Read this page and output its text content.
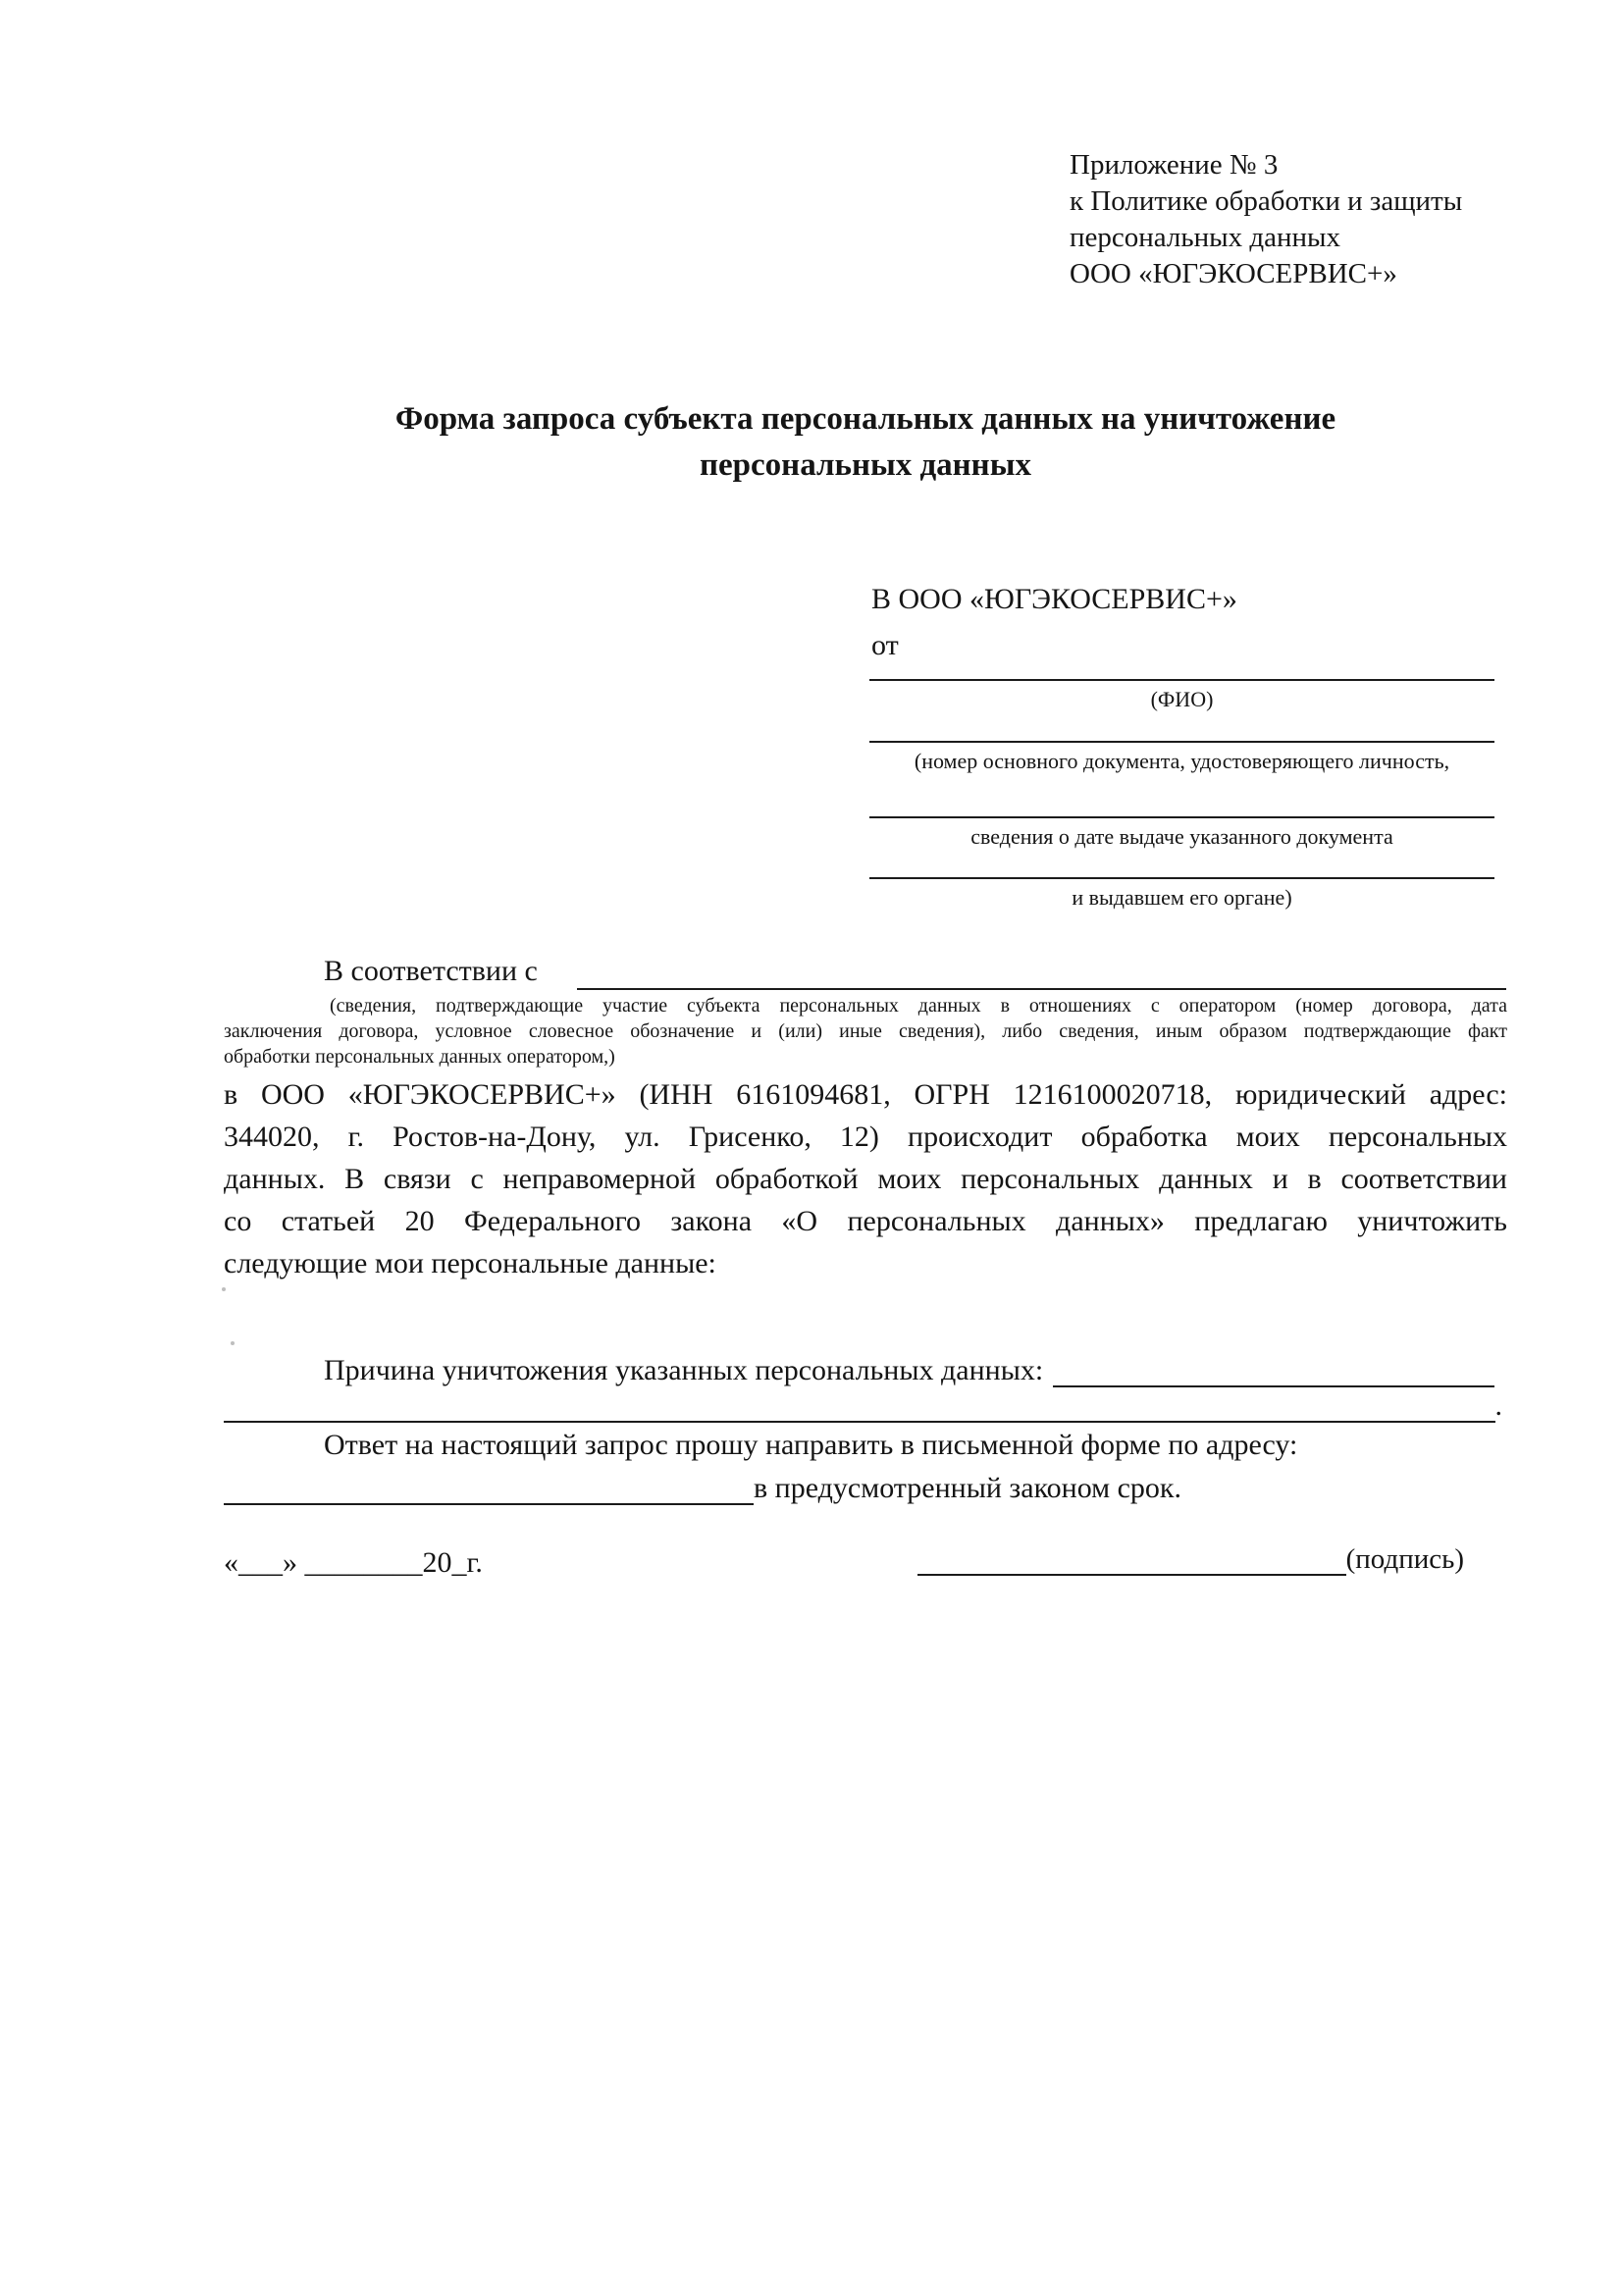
Приложение № 3
к Политике обработки и защиты
персональных данных
ООО «ЮГЭКОСЕРВИС+»
Форма запроса субъекта персональных данных на уничтожение
персональных данных
В ООО «ЮГЭКОСЕРВИС+»
от
(ФИО)
(номер основного документа, удостоверяющего личность,
сведения о дате выдаче указанного документа
и выдавшем его органе)
В соответствии с
(сведения, подтверждающие участие субъекта персональных данных в отношениях с оператором (номер договора, дата
заключения договора, условное словесное обозначение и (или) иные сведения), либо сведения, иным образом подтверждающие факт
обработки персональных данных оператором,)
в ООО «ЮГЭКОСЕРВИС+» (ИНН 6161094681, ОГРН 1216100020718, юридический адрес:
344020, г. Ростов-на-Дону, ул. Грисенко, 12) происходит обработка моих персональных
данных. В связи с неправомерной обработкой моих персональных данных и в соответствии
со статьей 20 Федерального закона «О персональных данных» предлагаю уничтожить
следующие мои персональные данные:
Причина уничтожения указанных персональных данных:
.
Ответ на настоящий запрос прошу направить в письменной форме по адресу:
в предусмотренный законом срок.
«___» ________20_г.	(подпись)
